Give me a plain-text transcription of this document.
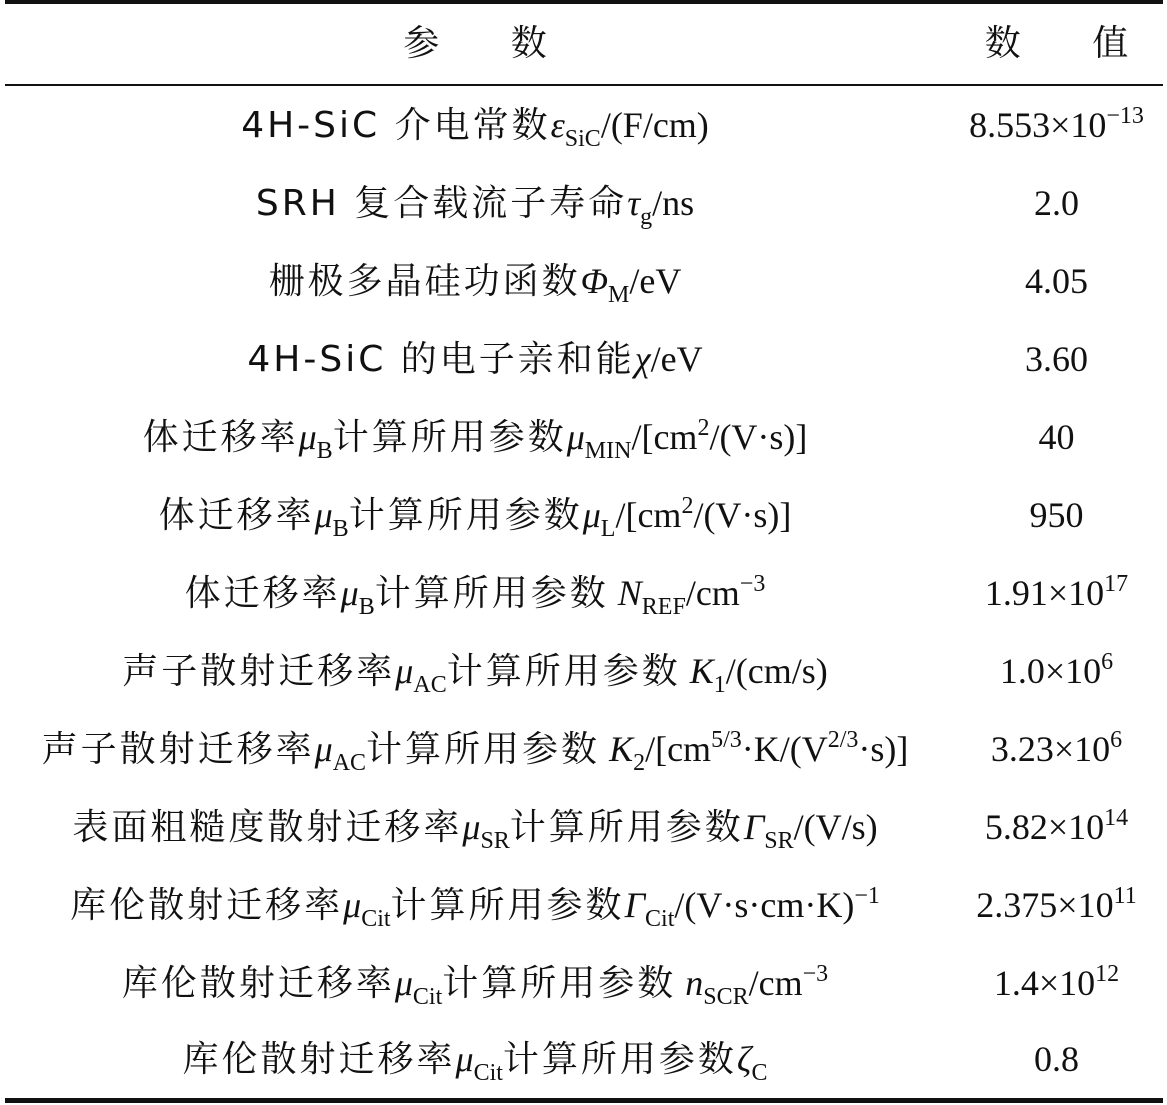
参 数	数 值
4H-SiC 介电常数$\varepsilon_{SiC}/(F/cm)$	$8.553\times 10^{-13}$
SRH 复合载流子寿命$\tau_g/ns$	2.0
栅极多晶硅功函数$\Phi_M/eV$	4.05
4H-SiC 的电子亲和能χ/eV	3.60
体迁移率$\mu_B$计算所用参数$\mu_{MIN}/[cm^2/(V\cdot s)]$	40
体迁移率$\mu_B$计算所用参数$\mu_L/[cm^2/(V\cdot s)]$	950
体迁移率$\mu_B$计算所用参数 $N_{REF}/cm^{-3}$	$1.91\times 10^{17}$
声子散射迁移率$\mu_{AC}$计算所用参数 $K_1/(cm/s)$	$1.0\times 10^6$
声子散射迁移率$\mu_{AC}$计算所用参数 $K_2/[cm^{5/3}\cdot K/(V^{2/3}\cdot s)]$	$3.23\times 10^6$
表面粗糙度散射迁移率$\mu_{SR}$计算所用参数$\Gamma_{SR}/(V/s)$	$5.82\times 10^{14}$
库伦散射迁移率$\mu_{Cit}$计算所用参数$\Gamma_{Cit}/(V\cdot s\cdot cm\cdot K)^{-1}$	$2.375\times 10^{11}$
库伦散射迁移率$\mu_{Cit}$计算所用参数 $n_{SCR}/cm^{-3}$	$1.4\times 10^{12}$
库伦散射迁移率$\mu_{Cit}$计算所用参数$\zeta_C$	0.8
